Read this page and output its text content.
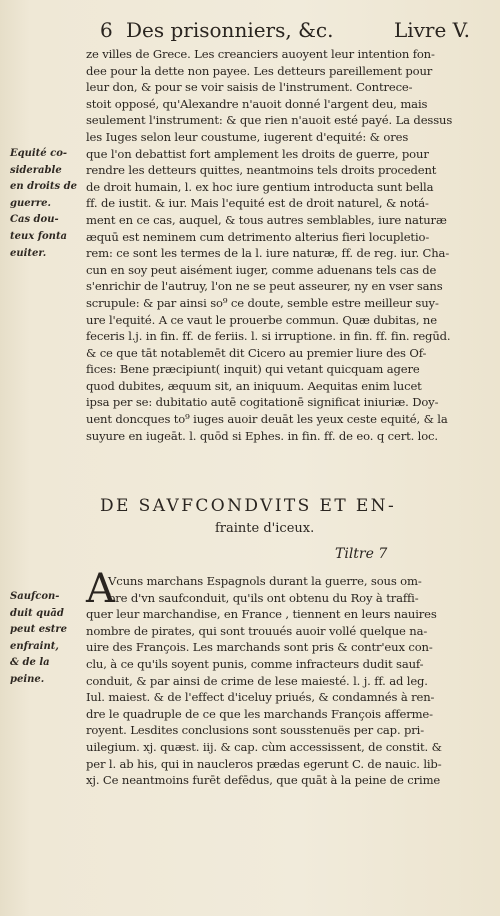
6 Des prisonniers, &c.	Livre V.
Equité co-
siderable
en droits de
guerre.
Cas dou-
teux fonta
euiter.
ze villes de Grece. Les creanciers auoyent leur intention fon-
dee pour la dette non payee. Les detteurs pareillement pour
leur don, & pour se voir saisis de l'instrument. Contrece-
stoit opposé, qu'Alexandre n'auoit donné l'argent deu, mais
seulement l'instrument: & que rien n'auoit esté payé. La dessus
les Iuges selon leur coustume, iugerent d'equité: & ores
que l'on debattist fort amplement les droits de guerre, pour
rendre les detteurs quittes, neantmoins tels droits procedent
de droit humain, l. ex hoc iure gentium introducta sunt bella
ff. de iustit. & iur. Mais l'equité est de droit naturel, & notá-
ment en ce cas, auquel, & tous autres semblables, iure naturæ
æquū est neminem cum detrimento alterius fieri locupletio-
rem: ce sont les termes de la l. iure naturæ, ff. de reg. iur. Cha-
cun en soy peut aisément iuger, comme aduenans tels cas de
s'enrichir de l'autruy, l'on ne se peut asseurer, ny en vser sans
scrupule: & par ainsi so⁹ ce doute, semble estre meilleur suy-
ure l'equité. A ce vaut le prouerbe commun. Quæ dubitas, ne
feceris l.j. in fin. ff. de feriis. l. si irruptione. in fin. ff. fin. regūd.
& ce que tāt notablemēt dit Cicero au premier liure des Of-
fices: Bene præcipiunt( inquit) qui vetant quicquam agere
quod dubites, æquum sit, an iniquum. Aequitas enim lucet
ipsa per se: dubitatio autē cogitationē significat iniuriæ. Doy-
uent doncques to⁹ iuges auoir deuāt les yeux ceste equité, & la
suyure en iugeāt. l. quōd si Ephes. in fin. ff. de eo. q cert. loc.
DE SAVFCONDVITS ET EN-
frainte d'iceux.
Tiltre 7
A
Saufcon-
duit quād
peut estre
enfraint,
& de la
peine.
Vcuns marchans Espagnols durant la guerre, sous om-
bre d'vn saufconduit, qu'ils ont obtenu du Roy à traffi-
quer leur marchandise, en France , tiennent en leurs nauires
nombre de pirates, qui sont trouués auoir vollé quelque na-
uire des François. Les marchands sont pris & contr'eux con-
clu, à ce qu'ils soyent punis, comme infracteurs dudit sauf-
conduit, & par ainsi de crime de lese maiesté. l. j. ff. ad leg.
Iul. maiest. & de l'effect d'iceluy priués, & condamnés à ren-
dre le quadruple de ce que les marchands François afferme-
royent. Lesdites conclusions sont sousstenuës per cap. pri-
uilegium. xj. quæst. iij. & cap. cùm accessissent, de constit. &
per l. ab his, qui in naucleros prædas egerunt C. de nauic. lib-
xj. Ce neantmoins furēt defēdus, que quāt à la peine de crime
